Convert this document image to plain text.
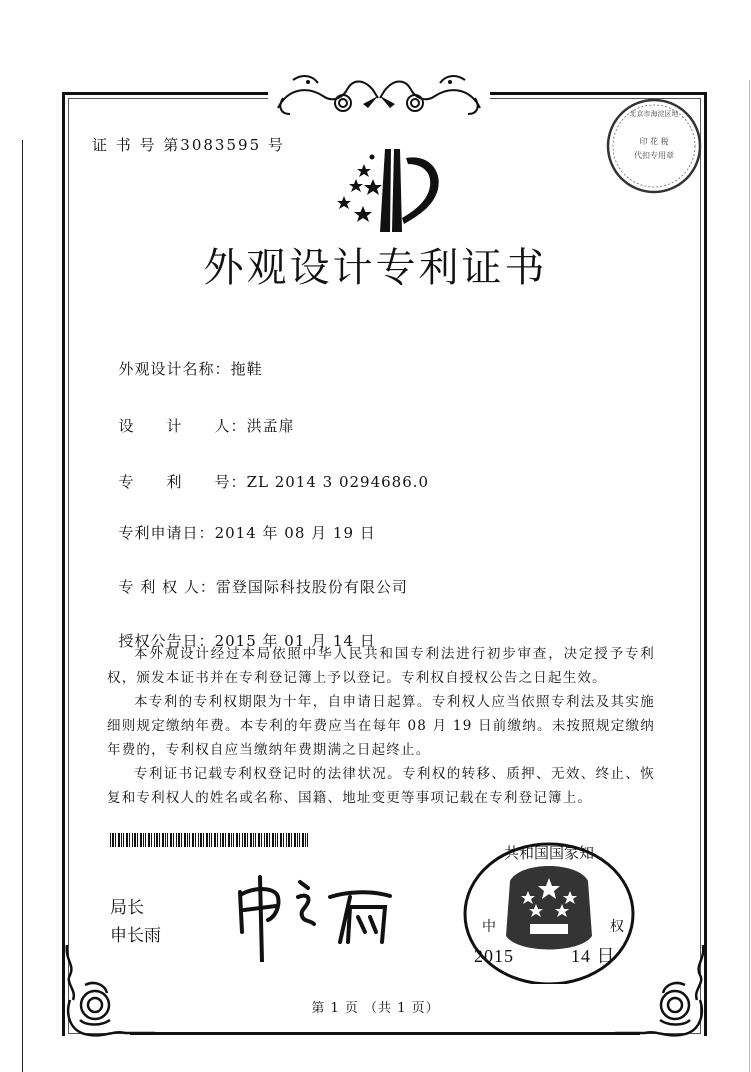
证 书 号 第3083595 号	印 花 税
代扣专用章
北京市海淀区地
外观设计专利证书

外观设计名称：拖鞋

设　　计　　人：洪孟扉

专　　利　　号：ZL 2014 3 0294686.0

专利申请日：2014 年 08 月 19 日

专 利 权 人：雷登国际科技股份有限公司

授权公告日：2015 年 01 月 14 日

本外观设计经过本局依照中华人民共和国专利法进行初步审查，决定授予专利权，颁发本证书并在专利登记簿上予以登记。专利权自授权公告之日起生效。

本专利的专利权期限为十年，自申请日起算。专利权人应当依照专利法及其实施细则规定缴纳年费。本专利的年费应当在每年 08 月 19 日前缴纳。未按照规定缴纳年费的，专利权自应当缴纳年费期满之日起终止。

专利证书记载专利权登记时的法律状况。专利权的转移、质押、无效、终止、恢复和专利权人的姓名或名称、国籍、地址变更等事项记载在专利登记簿上。

局长
申长雨
共和国国家知
中	权
2015　　　14 日
第 1 页 （共 1 页）
